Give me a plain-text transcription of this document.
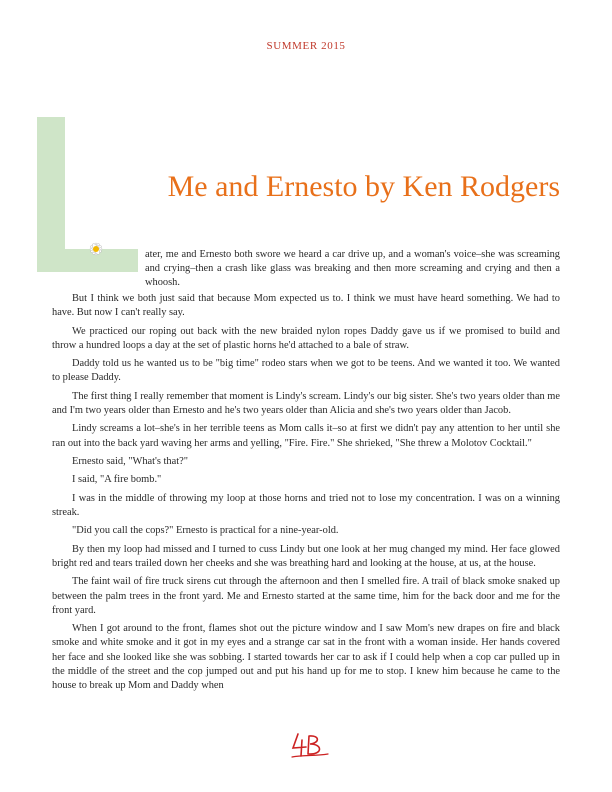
SUMMER 2015
Me and Ernesto by Ken Rodgers
ater, me and Ernesto both swore we heard a car drive up, and a woman's voice–she was screaming and crying–then a crash like glass was breaking and then more screaming and crying and then a whoosh.

But I think we both just said that because Mom expected us to. I think we must have heard something. We had to have. But now I can't really say.

We practiced our roping out back with the new braided nylon ropes Daddy gave us if we promised to build and throw a hundred loops a day at the set of plastic horns he'd attached to a bale of straw.

Daddy told us he wanted us to be "big time" rodeo stars when we got to be teens. And we wanted it too. We wanted to please Daddy.

The first thing I really remember that moment is Lindy's scream. Lindy's our big sister. She's two years older than me and I'm two years older than Ernesto and he's two years older than Alicia and she's two years older than Jacob.

Lindy screams a lot–she's in her terrible teens as Mom calls it–so at first we didn't pay any attention to her until she ran out into the back yard waving her arms and yelling, "Fire. Fire." She shrieked, "She threw a Molotov Cocktail."

Ernesto said, "What's that?"

I said, "A fire bomb."

I was in the middle of throwing my loop at those horns and tried not to lose my concentration. I was on a winning streak.

"Did you call the cops?" Ernesto is practical for a nine-year-old.

By then my loop had missed and I turned to cuss Lindy but one look at her mug changed my mind. Her face glowed bright red and tears trailed down her cheeks and she was breathing hard and looking at the house, at us, at the house.

The faint wail of fire truck sirens cut through the afternoon and then I smelled fire. A trail of black smoke snaked up between the palm trees in the front yard. Me and Ernesto started at the same time, him for the back door and me for the front yard.

When I got around to the front, flames shot out the picture window and I saw Mom's new drapes on fire and black smoke and white smoke and it got in my eyes and a strange car sat in the front with a woman inside. Her hands covered her face and she looked like she was sobbing. I started towards her car to ask if I could help when a cop car pulled up in the middle of the street and the cop jumped out and put his hand up for me to stop. I knew him because he came to the house to break up Mom and Daddy when
